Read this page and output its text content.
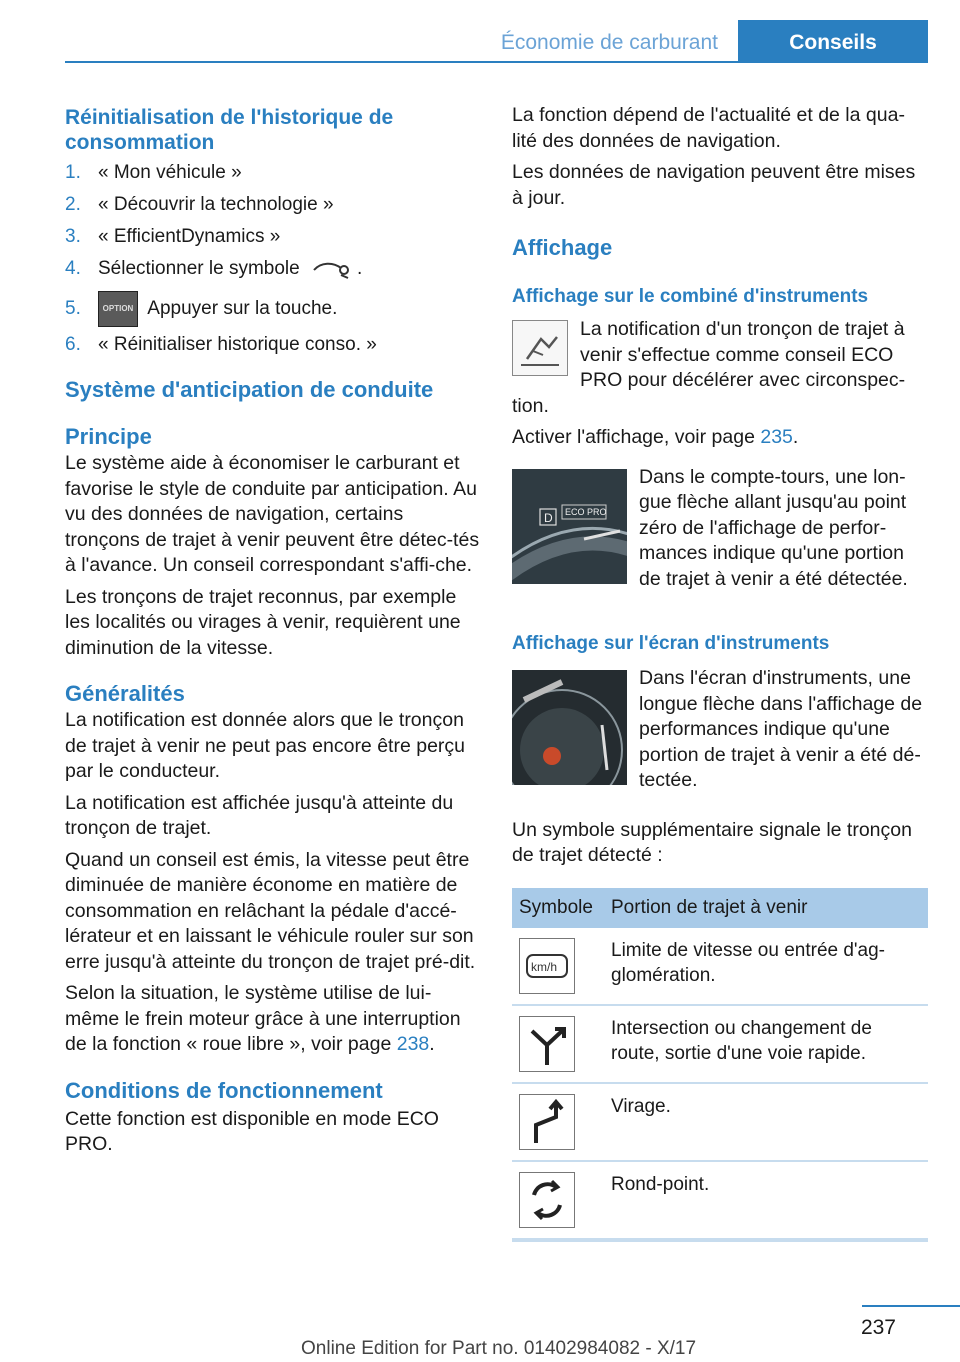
Économie de carburant	Conseils
Réinitialisation de l'historique de consommation
1. « Mon véhicule »
2. « Découvrir la technologie »
3. « EfficientDynamics »
4. Sélectionner le symbole	.
5.	OPTION Appuyer sur la touche.
6. « Réinitialiser historique conso. »
Système d'anticipation de conduite
Principe

Le système aide à économiser le carburant et favorise le style de conduite par anticipation. Au vu des données de navigation, certains tronçons de trajet à venir peuvent être détec-tés à l'avance. Un conseil correspondant s'affi-che.

Les tronçons de trajet reconnus, par exemple les localités ou virages à venir, requièrent une diminution de la vitesse.

Généralités

La notification est donnée alors que le tronçon de trajet à venir ne peut pas encore être perçu par le conducteur.

La notification est affichée jusqu'à atteinte du tronçon de trajet.

Quand un conseil est émis, la vitesse peut être diminuée de manière économe en matière de consommation en relâchant la pédale d'accé-lérateur et en laissant le véhicule rouler sur son erre jusqu'à atteinte du tronçon de trajet pré-dit.

Selon la situation, le système utilise de lui-même le frein moteur grâce à une interruption de la fonction « roue libre », voir page 238.

Conditions de fonctionnement

Cette fonction est disponible en mode ECO PRO.

La fonction dépend de l'actualité et de la qua-lité des données de navigation.

Les données de navigation peuvent être mises à jour.

Affichage
Affichage sur le combiné d'instruments

La notification d'un tronçon de trajet à venir s'effectue comme conseil ECO PRO pour décélérer avec circonspec-tion.

Activer l'affichage, voir page 235.

D ECO PRO

Dans le compte-tours, une lon-gue flèche allant jusqu'au point zéro de l'affichage de perfor-mances indique qu'une portion de trajet à venir a été détectée.

Affichage sur l'écran d'instruments

Dans l'écran d'instruments, une longue flèche dans l'affichage de performances indique qu'une portion de trajet à venir a été dé-tectée.

Un symbole supplémentaire signale le tronçon de trajet détecté :

Symbole	Portion de trajet à venir

km/h	Limite de vitesse ou entrée d'ag-glomération.

	Intersection ou changement de route, sortie d'une voie rapide.

	Virage.

	Rond-point.
237
Online Edition for Part no. 01402984082 - X/17
